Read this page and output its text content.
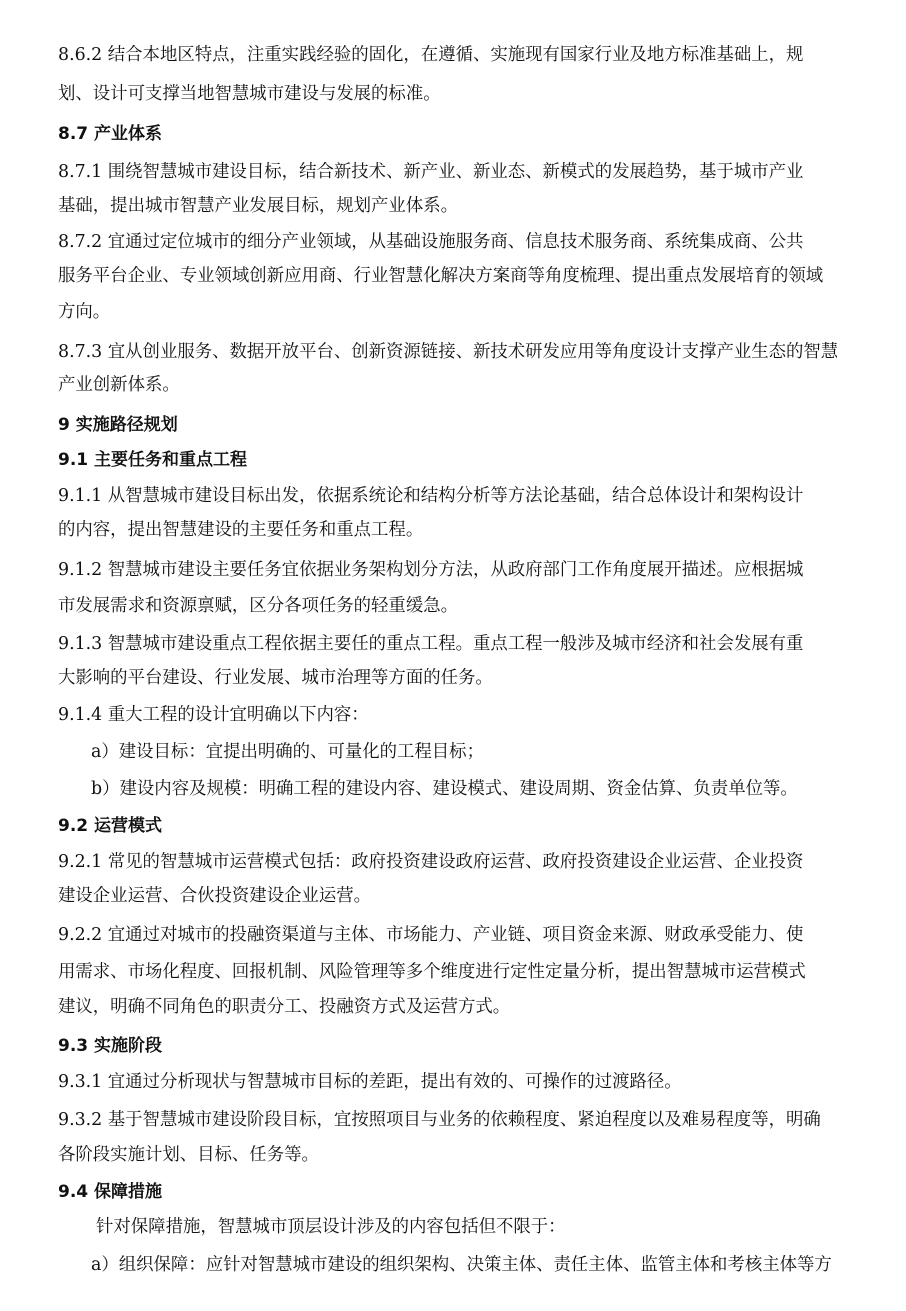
8.6.2 结合本地区特点，注重实践经验的固化，在遵循、实施现有国家行业及地方标准基础上，规
划、设计可支撑当地智慧城市建设与发展的标准。
8.7 产业体系
8.7.1 围绕智慧城市建设目标，结合新技术、新产业、新业态、新模式的发展趋势，基于城市产业
基础，提出城市智慧产业发展目标，规划产业体系。
8.7.2 宜通过定位城市的细分产业领域，从基础设施服务商、信息技术服务商、系统集成商、公共
服务平台企业、专业领域创新应用商、行业智慧化解决方案商等角度梳理、提出重点发展培育的领域
方向。
8.7.3 宜从创业服务、数据开放平台、创新资源链接、新技术研发应用等角度设计支撑产业生态的智慧
产业创新体系。
9 实施路径规划
9.1 主要任务和重点工程
9.1.1 从智慧城市建设目标出发，依据系统论和结构分析等方法论基础，结合总体设计和架构设计
的内容，提出智慧建设的主要任务和重点工程。
9.1.2 智慧城市建设主要任务宜依据业务架构划分方法，从政府部门工作角度展开描述。应根据城
市发展需求和资源禀赋，区分各项任务的轻重缓急。
9.1.3 智慧城市建设重点工程依据主要任的重点工程。重点工程一般涉及城市经济和社会发展有重
大影响的平台建设、行业发展、城市治理等方面的任务。
9.1.4 重大工程的设计宜明确以下内容：
a）建设目标：宜提出明确的、可量化的工程目标；
b）建设内容及规模：明确工程的建设内容、建设模式、建设周期、资金估算、负责单位等。
9.2 运营模式
9.2.1 常见的智慧城市运营模式包括：政府投资建设政府运营、政府投资建设企业运营、企业投资
建设企业运营、合伙投资建设企业运营。
9.2.2 宜通过对城市的投融资渠道与主体、市场能力、产业链、项目资金来源、财政承受能力、使
用需求、市场化程度、回报机制、风险管理等多个维度进行定性定量分析，提出智慧城市运营模式
建议，明确不同角色的职责分工、投融资方式及运营方式。
9.3 实施阶段
9.3.1 宜通过分析现状与智慧城市目标的差距，提出有效的、可操作的过渡路径。
9.3.2 基于智慧城市建设阶段目标，宜按照项目与业务的依赖程度、紧迫程度以及难易程度等，明确
各阶段实施计划、目标、任务等。
9.4 保障措施
针对保障措施，智慧城市顶层设计涉及的内容包括但不限于：
a）组织保障：应针对智慧城市建设的组织架构、决策主体、责任主体、监管主体和考核主体等方
